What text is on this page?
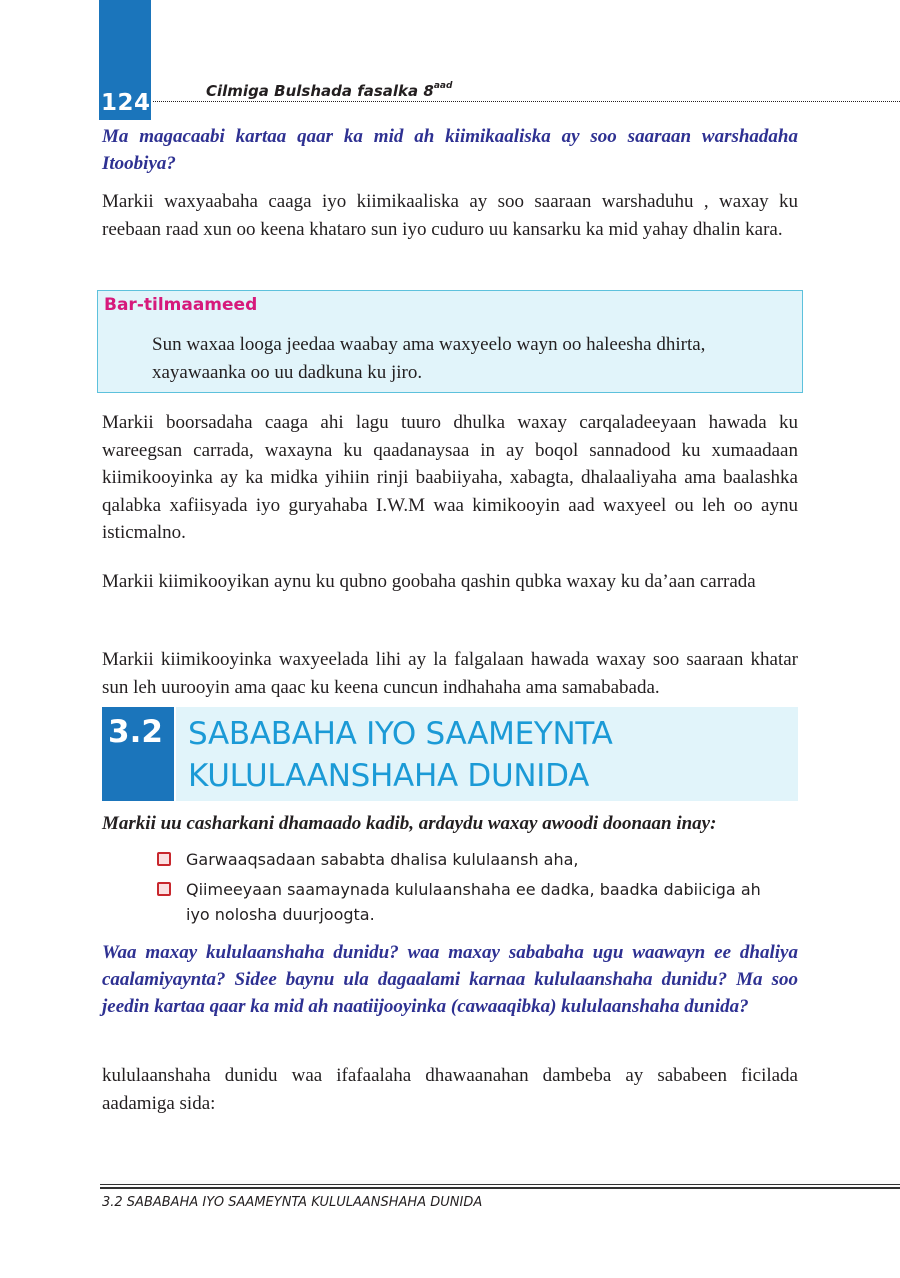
124	Cilmiga Bulshada fasalka $8^{aad}$

Ma magacaabi kartaa qaar ka mid ah kiimikaaliska ay soo saaraan warshadaha Itoobiya?

Markii waxyaabaha caaga iyo kiimikaaliska ay soo saaraan warshaduhu , waxay ku reebaan raad xun oo keena khataro sun iyo cuduro uu kansarku ka mid yahay dhalin kara.

Bar-tilmaameed

Sun waxaa looga jeedaa waabay ama waxyeelo wayn oo haleesha dhirta, xayawaanka oo uu dadkuna ku jiro.

Markii boorsadaha caaga ahi lagu tuuro dhulka waxay carqaladeeyaan hawada ku wareegsan carrada, waxayna ku qaadanaysaa in ay boqol sannadood ku xumaadaan kiimikooyinka ay ka midka yihiin rinji baabiiyaha, xabagta, dhalaaliyaha ama baalashka qalabka xafiisyada iyo guryahaba I.W.M waa kimikooyin aad waxyeel ou leh oo aynu isticmalno.

Markii kiimikooyikan aynu ku qubno goobaha qashin qubka waxay ku da’aan carrada

Markii kiimikooyinka waxyeelada lihi ay la falgalaan hawada waxay soo saaraan khatar sun leh uurooyin ama qaac ku keena cuncun indhahaha ama samababada.

3.2 SABABAHA IYO SAAMEYNTA
KULULAANSHAHA DUNIDA

Markii uu casharkani dhamaado kadib, ardaydu waxay awoodi doonaan inay:

Garwaaqsadaan sababta dhalisa kululaansh aha,
Qiimeeyaan saamaynada kululaanshaha ee dadka, baadka dabiiciga ah iyo nolosha duurjoogta.

Waa maxay kululaanshaha dunidu? waa maxay sababaha ugu waawayn ee dhaliya caalamiyaynta? Sidee baynu ula dagaalami karnaa kululaanshaha dunidu? Ma soo jeedin kartaa qaar ka mid ah naatiijooyinka (cawaaqibka) kululaanshaha dunida?

kululaanshaha dunidu waa ifafaalaha dhawaanahan dambeba ay sababeen ficilada aadamiga sida:

3.2 SABABAHA IYO SAAMEYNTA KULULAANSHAHA DUNIDA
